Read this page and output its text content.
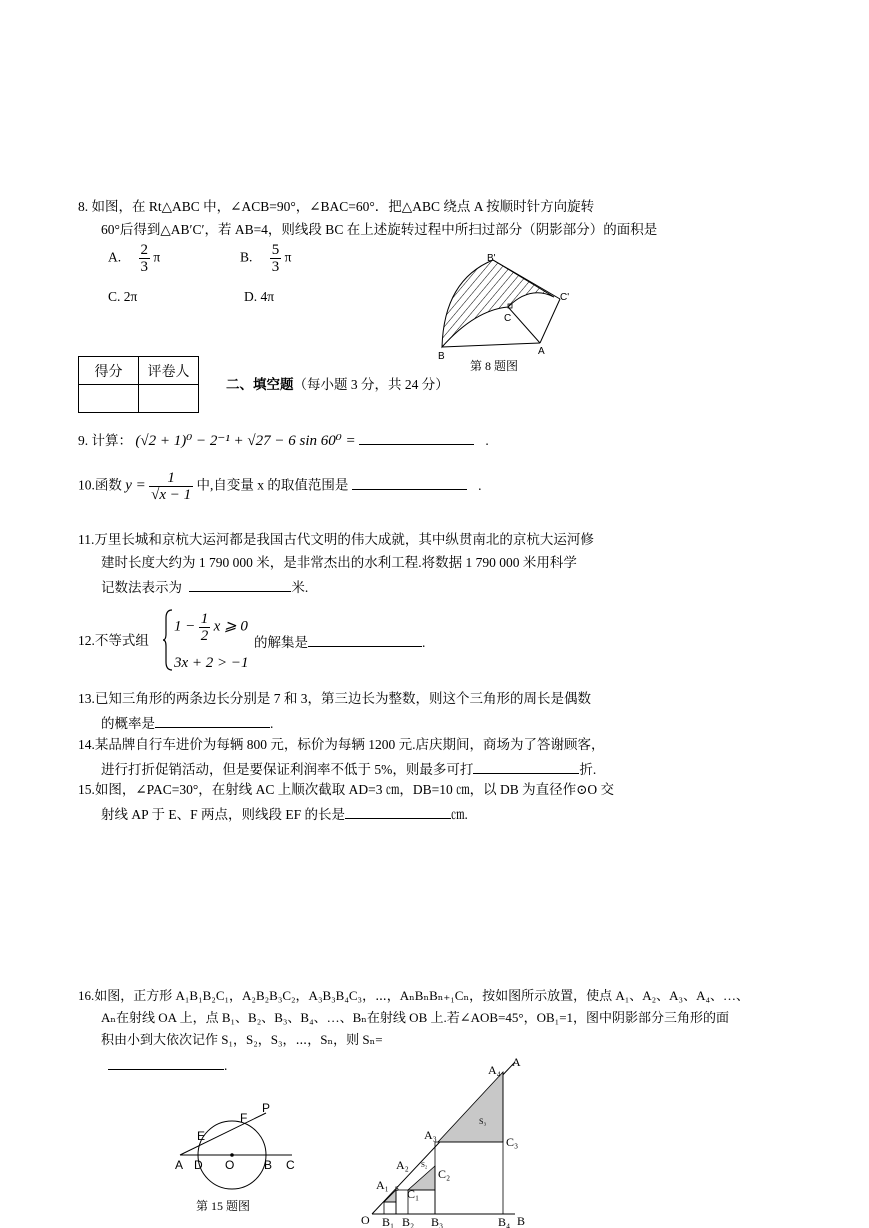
8. 如图，在 Rt△ABC 中，∠ACB=90°，∠BAC=60°．把△ABC 绕点 A 按顺时针方向旋转
60°后得到△AB′C′，若 AB=4，则线段 BC 在上述旋转过程中所扫过部分（阴影部分）的面积是
A. $\frac{2}{3}$ π	B. $\frac{5}{3}$ π
C. 2π	D. 4π
B'
C'
C
B	A
第 8 题图
得分	评卷人

二、填空题（每小题 3 分，共 24 分）
9. 计算： (√2 + 1)⁰ − 2⁻¹ + √27 − 6 sin 60⁰ =	.
10.函数 $y = \frac{1}{√x - 1}$ 中,自变量 x 的取值范围是	.
11.万里长城和京杭大运河都是我国古代文明的伟大成就，其中纵贯南北的京杭大运河修
建时长度大约为 1 790 000 米，是非常杰出的水利工程.将数据 1 790 000 米用科学
记数法表示为	米.
12.不等式组
$1 - \frac{1}{2}$ x ⩾ 0
3x + 2 > −1
的解集是	.
13.已知三角形的两条边长分别是 7 和 3，第三边长为整数，则这个三角形的周长是偶数
的概率是	.
14.某品牌自行车进价为每辆 800 元，标价为每辆 1200 元.店庆期间，商场为了答谢顾客，
进行打折促销活动，但是要保证利润率不低于 5%，则最多可打	折.
15.如图，∠PAC=30°，在射线 AC 上顺次截取 AD=3 ㎝，DB=10 ㎝，以 DB 为直径作⊙O 交
射线 AP 于 E、F 两点，则线段 EF 的长是	㎝.
16.如图，正方形 A₁B₁B₂C₁，A₂B₂B₃C₂，A₃B₃B₄C₃，⋯，AₙBₙBₙ₊₁Cₙ，按如图所示放置，使点 A₁、A₂、A₃、A₄、…、
Aₙ在射线 OA 上，点 B₁、B₂、B₃、B₄、…、Bₙ在射线 OB 上.若∠AOB=45°，OB₁=1，图中阴影部分三角形的面
积由小到大依次记作 S₁，S₂，S₃，⋯，Sₙ，则 Sₙ=
.
P
F
E
A D O B C
第 15 题图
O
A
B
A₁
A₂
A₃
A₄
B₁ B₂ B₃	B₄
C₁
C₂
C₃
S
S₂
S₃
